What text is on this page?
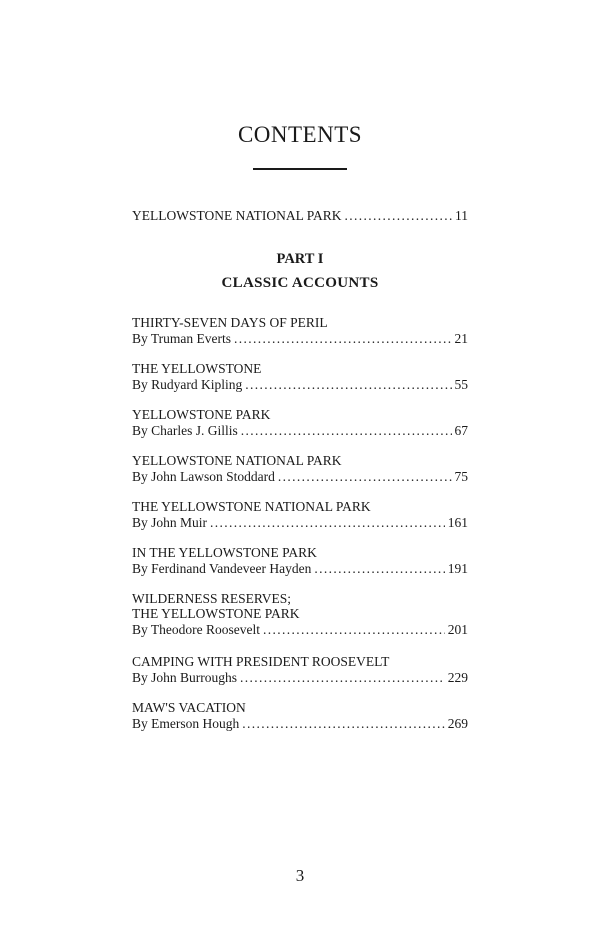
CONTENTS
YELLOWSTONE NATIONAL PARK . . .	11
PART I
CLASSIC ACCOUNTS
THIRTY-SEVEN DAYS OF PERIL
By Truman Everts . . .	21
THE YELLOWSTONE
By Rudyard Kipling . . .	55
YELLOWSTONE PARK
By Charles J. Gillis . . .	67
YELLOWSTONE NATIONAL PARK
By John Lawson Stoddard . . .	75
THE YELLOWSTONE NATIONAL PARK
By John Muir . . .	161
IN THE YELLOWSTONE PARK
By Ferdinand Vandeveer Hayden . . .	191
WILDERNESS RESERVES;
THE YELLOWSTONE PARK
By Theodore Roosevelt . . .	201
CAMPING WITH PRESIDENT ROOSEVELT
By John Burroughs . . .	229
MAW'S VACATION
By Emerson Hough . . .	269
3
